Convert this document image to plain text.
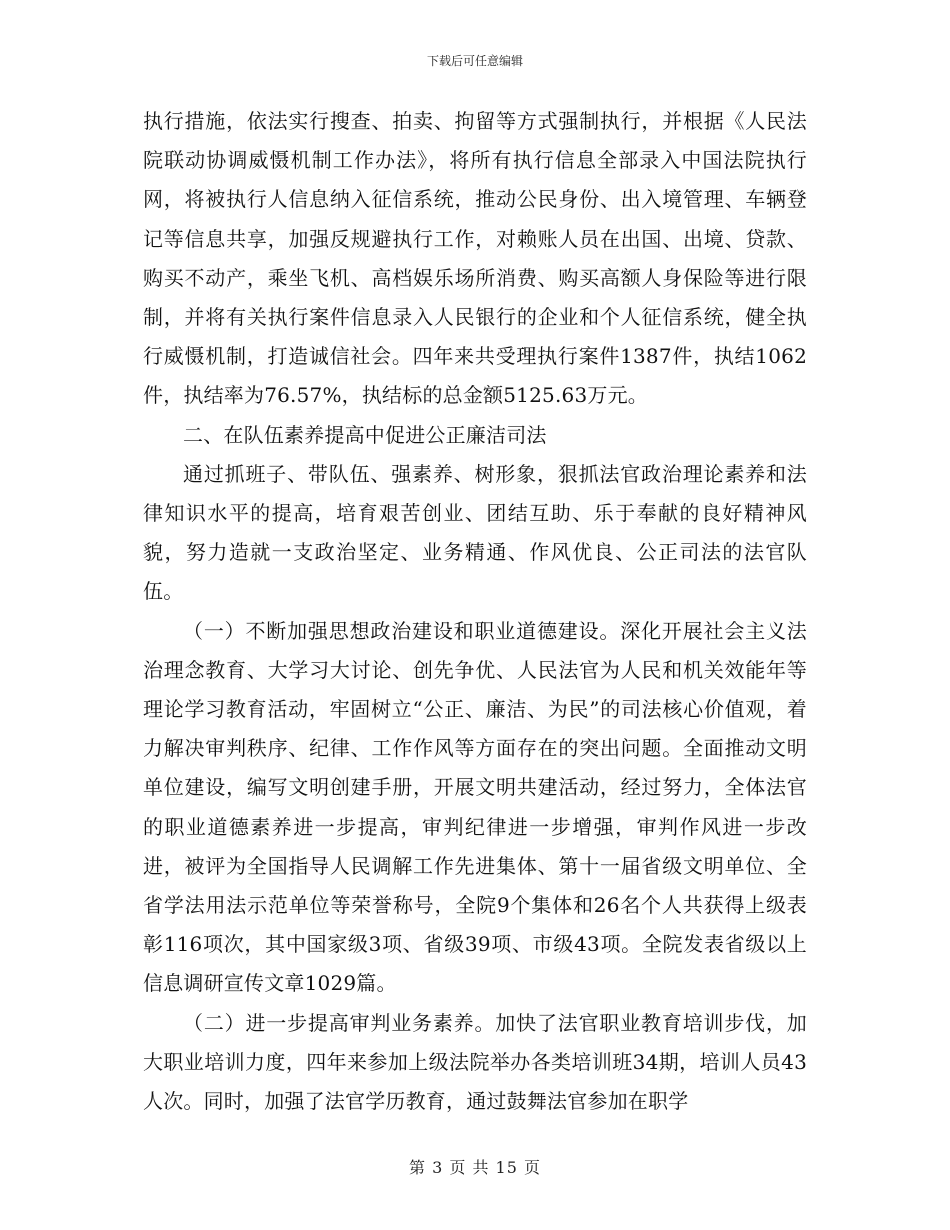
下载后可任意编辑

执行措施，依法实行搜查、拍卖、拘留等方式强制执行，并根据《人民法院联动协调威慑机制工作办法》，将所有执行信息全部录入中国法院执行网，将被执行人信息纳入征信系统，推动公民身份、出入境管理、车辆登记等信息共享，加强反规避执行工作，对赖账人员在出国、出境、贷款、购买不动产，乘坐飞机、高档娱乐场所消费、购买高额人身保险等进行限制，并将有关执行案件信息录入人民银行的企业和个人征信系统，健全执行威慑机制，打造诚信社会。四年来共受理执行案件1387件，执结1062件，执结率为76.57%，执结标的总金额5125.63万元。

二、在队伍素养提高中促进公正廉洁司法

通过抓班子、带队伍、强素养、树形象，狠抓法官政治理论素养和法律知识水平的提高，培育艰苦创业、团结互助、乐于奉献的良好精神风貌，努力造就一支政治坚定、业务精通、作风优良、公正司法的法官队伍。

（一）不断加强思想政治建设和职业道德建设。深化开展社会主义法治理念教育、大学习大讨论、创先争优、人民法官为人民和机关效能年等理论学习教育活动，牢固树立“公正、廉洁、为民”的司法核心价值观，着力解决审判秩序、纪律、工作作风等方面存在的突出问题。全面推动文明单位建设，编写文明创建手册，开展文明共建活动，经过努力，全体法官的职业道德素养进一步提高，审判纪律进一步增强，审判作风进一步改进，被评为全国指导人民调解工作先进集体、第十一届省级文明单位、全省学法用法示范单位等荣誉称号，全院9个集体和26名个人共获得上级表彰116项次，其中国家级3项、省级39项、市级43项。全院发表省级以上信息调研宣传文章1029篇。

（二）进一步提高审判业务素养。加快了法官职业教育培训步伐，加大职业培训力度，四年来参加上级法院举办各类培训班34期，培训人员43人次。同时，加强了法官学历教育，通过鼓舞法官参加在职学

第 3 页 共 15 页
